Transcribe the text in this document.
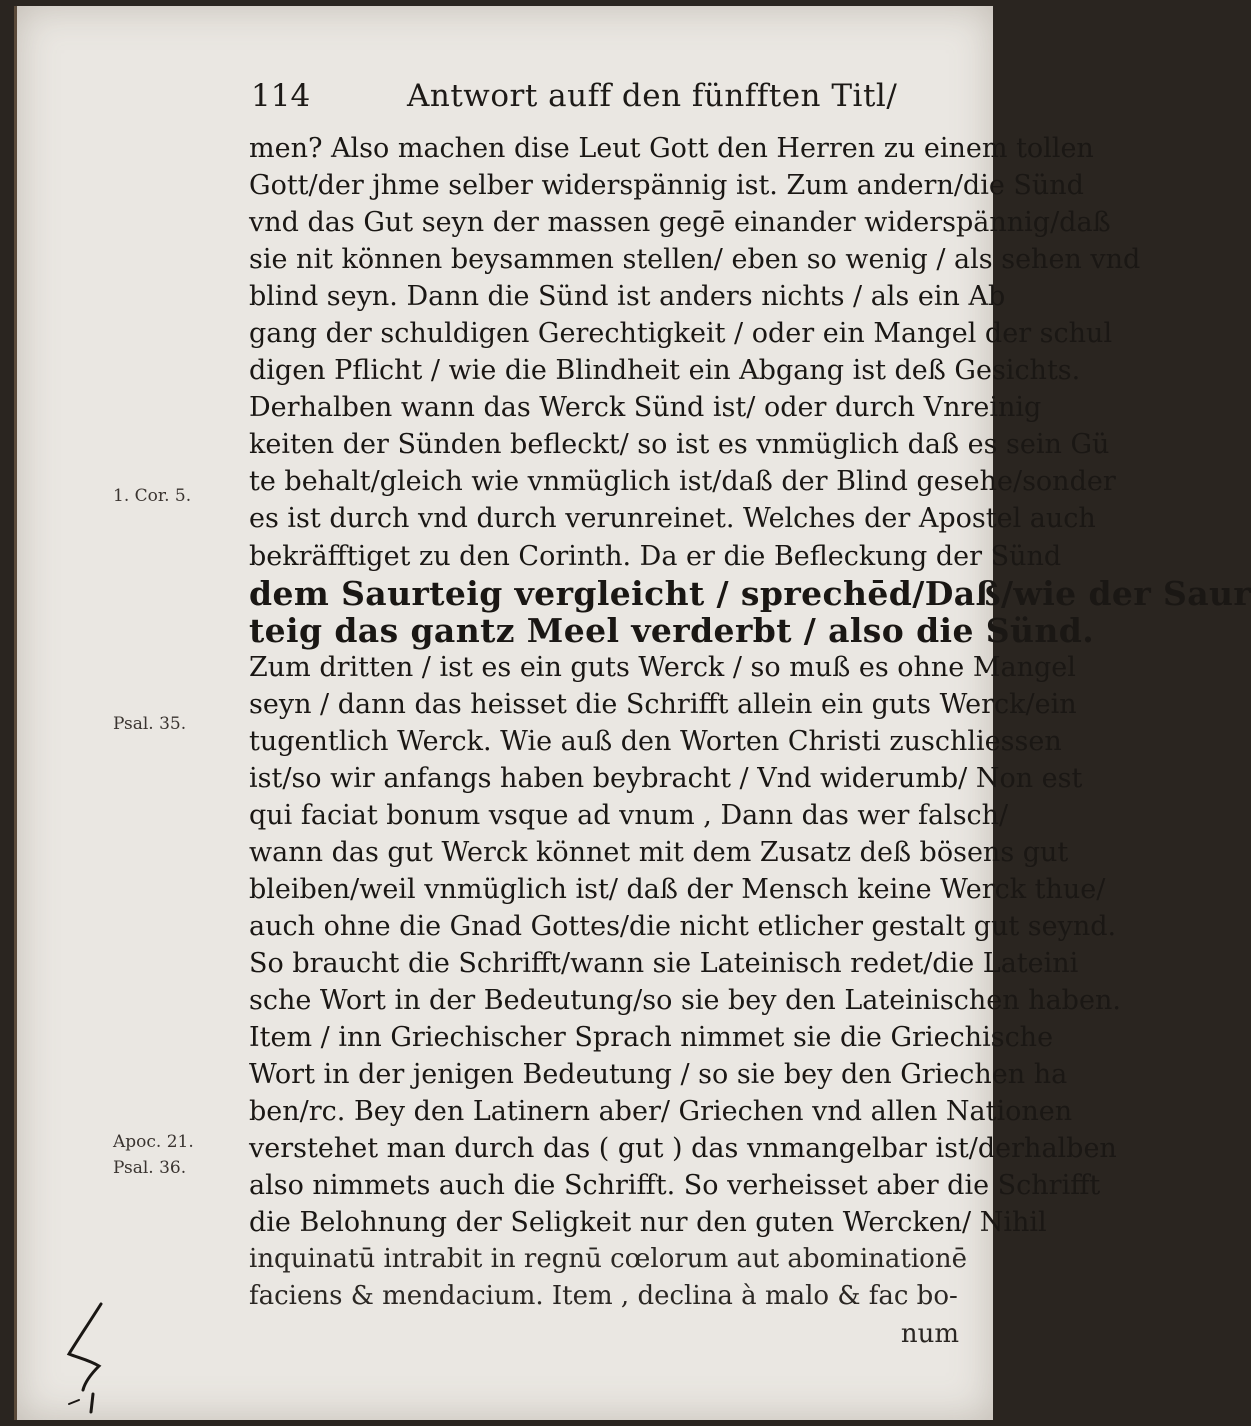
114	Antwort auff den fünfften Titl/
men? Also machen dise Leut Gott den Herren zu einem tollen
Gott/der jhme selber widerspännig ist. Zum andern/die Sünd
vnd das Gut seyn der massen gegē einander widerspännig/daß
sie nit können beysammen stellen/ eben so wenig / als sehen vnd
blind seyn. Dann die Sünd ist anders nichts / als ein Ab
gang der schuldigen Gerechtigkeit / oder ein Mangel der schul
digen Pflicht / wie die Blindheit ein Abgang ist deß Gesichts.
Derhalben wann das Werck Sünd ist/ oder durch Vnreinig
keiten der Sünden befleckt/ so ist es vnmüglich daß es sein Gü
te behalt/gleich wie vnmüglich ist/daß der Blind gesehe/sonder
es ist durch vnd durch verunreinet. Welches der Apostel auch
bekräfftiget zu den Corinth. Da er die Befleckung der Sünd
dem Saurteig vergleicht / sprechēd/Daß/wie der Saur
teig das gantz Meel verderbt / also die Sünd.
Zum dritten / ist es ein guts Werck / so muß es ohne Mangel
seyn / dann das heisset die Schrifft allein ein guts Werck/ein
tugentlich Werck. Wie auß den Worten Christi zuschliessen
ist/so wir anfangs haben beybracht / Vnd widerumb/ Non est
qui faciat bonum vsque ad vnum , Dann das wer falsch/
wann das gut Werck könnet mit dem Zusatz deß bösens gut
bleiben/weil vnmüglich ist/ daß der Mensch keine Werck thue/
auch ohne die Gnad Gottes/die nicht etlicher gestalt gut seynd.
So braucht die Schrifft/wann sie Lateinisch redet/die Lateini
sche Wort in der Bedeutung/so sie bey den Lateinischen haben.
Item / inn Griechischer Sprach nimmet sie die Griechische
Wort in der jenigen Bedeutung / so sie bey den Griechen ha
ben/rc. Bey den Latinern aber/ Griechen vnd allen Nationen
verstehet man durch das ( gut ) das vnmangelbar ist/derhalben
also nimmets auch die Schrifft. So verheisset aber die Schrifft
die Belohnung der Seligkeit nur den guten Wercken/ Nihil
inquinatū intrabit in regnū cœlorum aut abominationē
faciens & mendacium. Item , declina à malo & fac bo-
num
1. Cor. 5.
Psal. 35.
Apoc. 21.
Psal. 36.
